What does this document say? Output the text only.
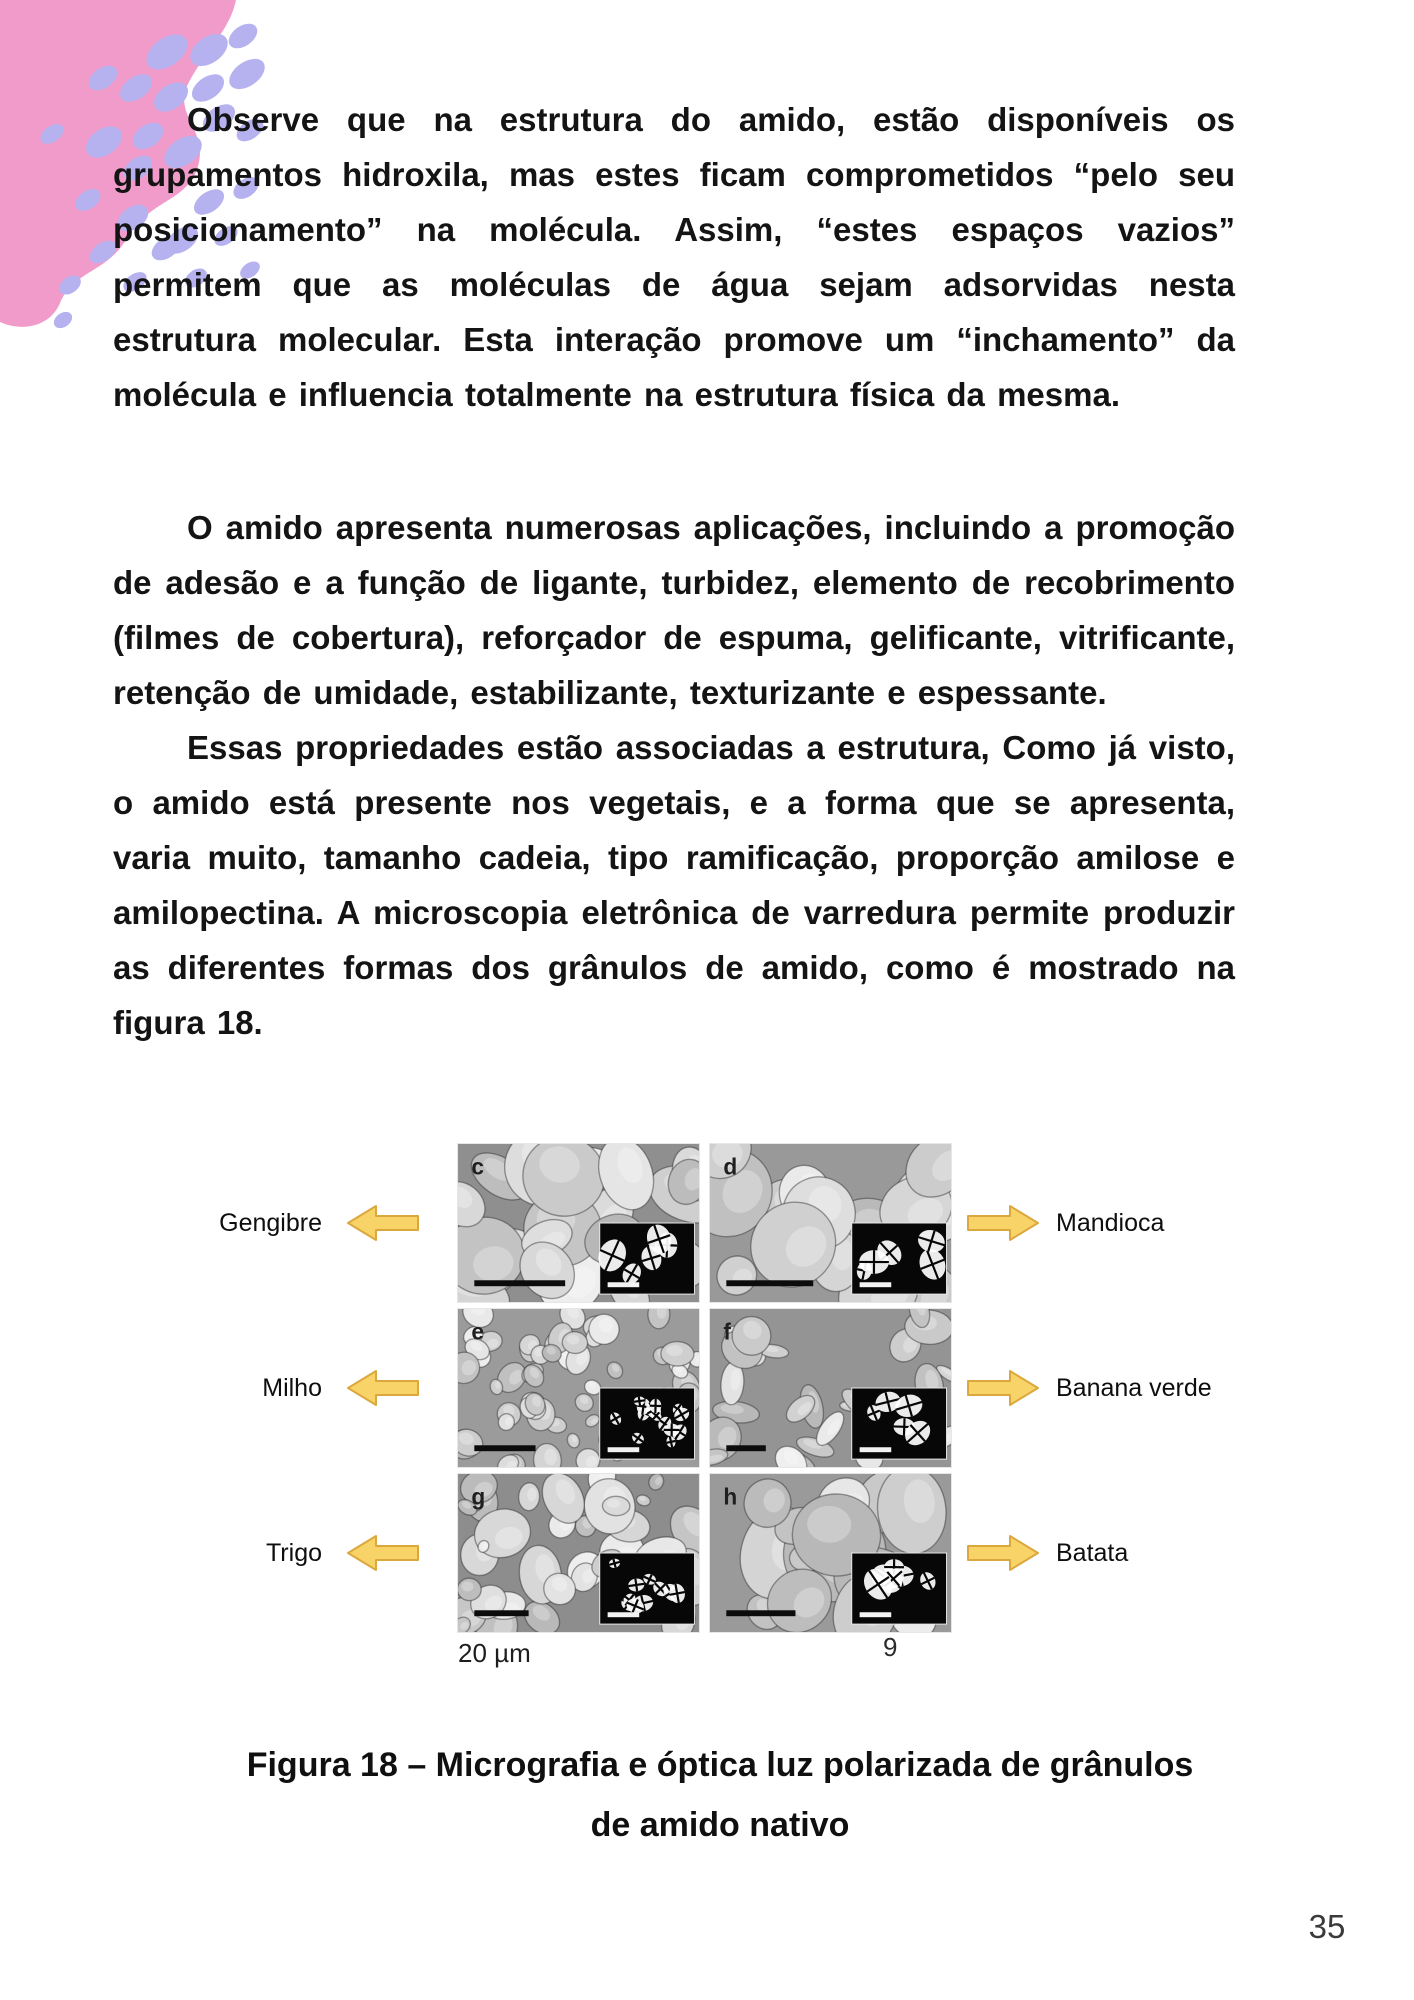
Observe que na estrutura do amido, estão disponíveis os grupamentos hidroxila, mas estes ficam comprometidos “pelo seu posicionamento” na molécula. Assim, “estes espaços vazios” permitem que as moléculas de água sejam adsorvidas nesta estrutura molecular. Esta interação promove um “inchamento” da molécula e influencia totalmente na estrutura física da mesma.

O amido apresenta numerosas aplicações, incluindo a promoção de adesão e a função de ligante, turbidez, elemento de recobrimento (filmes de cobertura), reforçador de espuma, gelificante, vitrificante, retenção de umidade, estabilizante, texturizante e espessante.

Essas propriedades estão associadas a estrutura, Como já visto, o amido está presente nos vegetais, e a forma que se apresenta, varia muito, tamanho cadeia, tipo ramificação, proporção amilose e amilopectina. A microscopia eletrônica de varredura permite produzir as diferentes formas dos grânulos de amido, como é mostrado na figura 18.

Gengibre
Milho
Trigo
Mandioca
Banana verde
Batata
c	d
e	f
g	h
20 µm	9
Figura 18 – Micrografia e óptica luz polarizada de grânulos
de amido nativo
35
